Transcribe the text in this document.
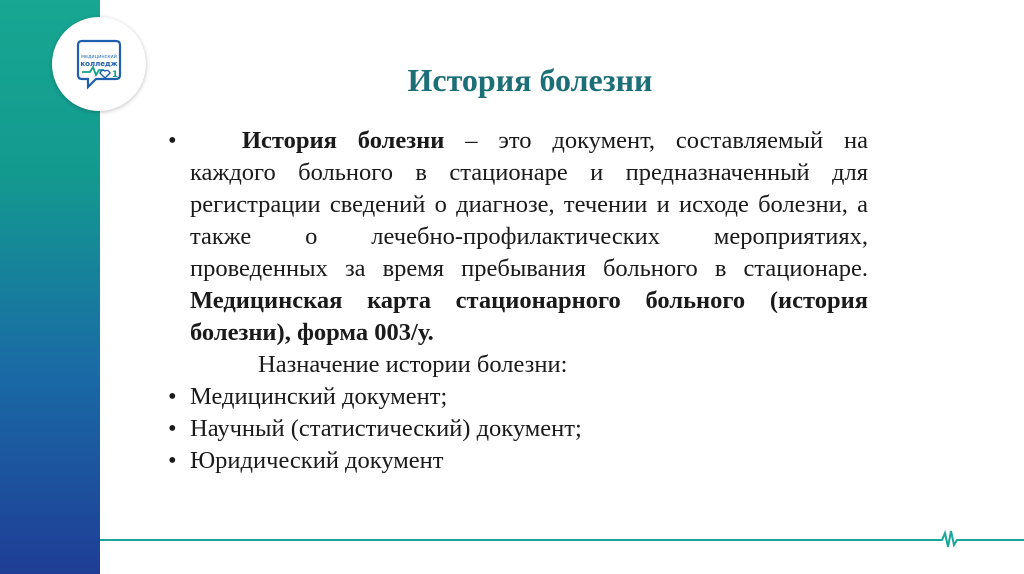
медицинский
колледж
1	История болезни
•	История болезни – это документ, составляемый на каждого больного в стационаре и предназначенный для регистрации сведений о диагнозе, течении и исходе болезни, а также о лечебно-профилактических мероприятиях, проведенных за время пребывания больного в стационаре. Медицинская карта стационарного больного (история болезни), форма 003/у.
Назначение истории болезни:
• Медицинский документ;
• Научный (статистический) документ;
• Юридический документ
